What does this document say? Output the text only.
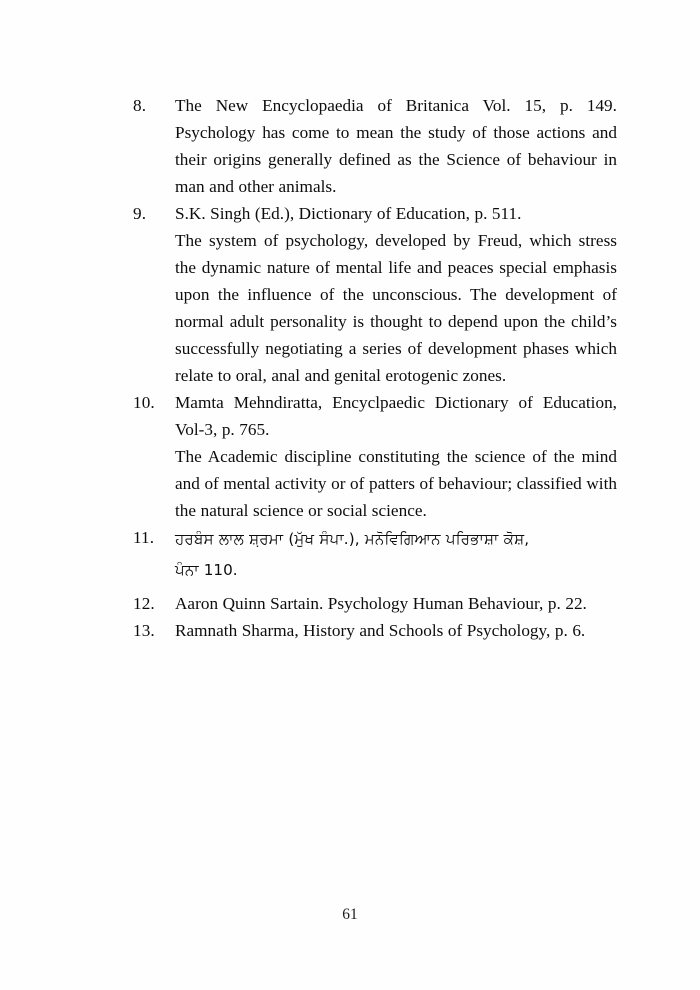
8.	The New Encyclopaedia of Britanica Vol. 15, p. 149. Psychology has come to mean the study of those actions and their origins generally defined as the Science of behaviour in man and other animals.

9.	S.K. Singh (Ed.), Dictionary of Education, p. 511.

The system of psychology, developed by Freud, which stress the dynamic nature of mental life and peaces special emphasis upon the influence of the unconscious. The development of normal adult personality is thought to depend upon the child’s successfully negotiating a series of development phases which relate to oral, anal and genital erotogenic zones.

10.	Mamta Mehndiratta, Encyclpaedic Dictionary of Education, Vol-3, p. 765.

The Academic discipline constituting the science of the mind and of mental activity or of patters of behaviour; classified with the natural science or social science.

11.	ਹਰਬੰਸ ਲਾਲ ਸ਼਼ਰਮਾ (ਮੁੱਖ ਸੰਪਾ.), ਮਨੋਵਿਗਿਆਨ ਪਰਿਭਾਸ਼ਾ ਕੋਸ਼,

ਪੰਨਾ 110.

12.	Aaron Quinn Sartain. Psychology Human Behaviour, p. 22.

13.	Ramnath Sharma, History and Schools of Psychology, p. 6.

61
